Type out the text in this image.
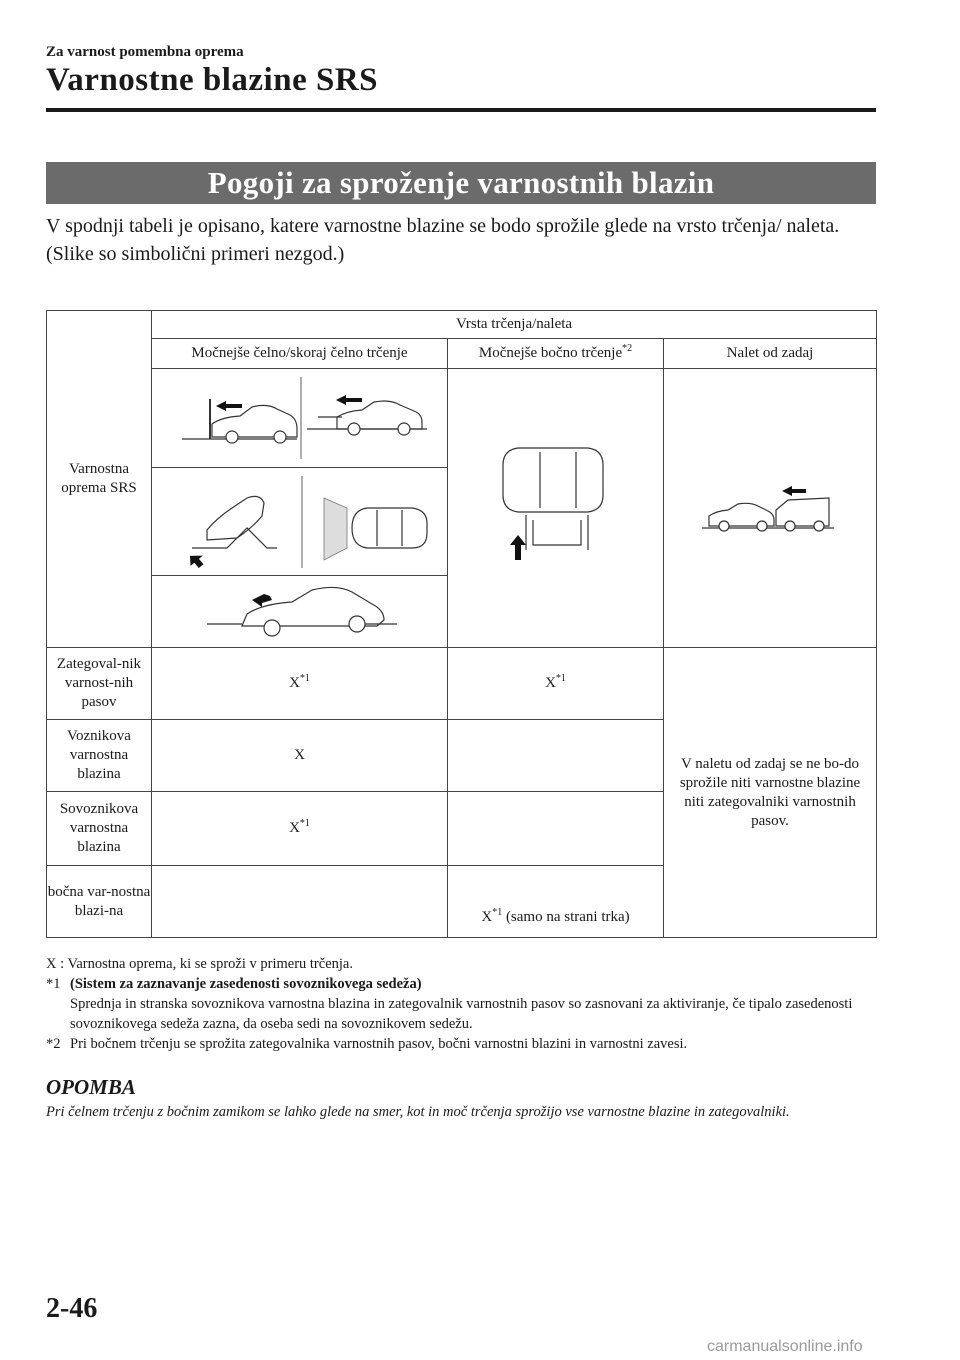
Za varnost pomembna oprema
Varnostne blazine SRS
Pogoji za sproženje varnostnih blazin

V spodnji tabeli je opisano, katere varnostne blazine se bodo sprožile glede na vrsto trčenja/ naleta.

(Slike so simbolični primeri nezgod.)

Varnostna oprema SRS	Vrsta trčenja/naleta		
	Močnejše čelno/skoraj čelno trčenje	Močnejše bočno trčenje$^{*2}$	Nalet od zadaj

Zategoval-nik varnost-nih pasov	$X^{*1}$	$X^{*1}$	V naletu od zadaj se ne bo-do sprožile niti varnostne blazine niti zategovalniki varnostnih pasov.
Voznikova varnostna blazina	X		
Sovoznikova varnostna blazina	$X^{*1}$	
bočna var-nostna blazi-na		$X^{*1}$ (samo na strani trka)	

X : Varnostna oprema, ki se sproži v primeru trčenja.

*1 (Sistem za zaznavanje zasedenosti sovoznikovega sedeža)

Sprednja in stranska sovoznikova varnostna blazina in zategovalnik varnostnih pasov so zasnovani za aktiviranje, če tipalo zasedenosti sovoznikovega sedeža zazna, da oseba sedi na sovoznikovem sedežu.

*2 Pri bočnem trčenju se sprožita zategovalnika varnostnih pasov, bočni varnostni blazini in varnostni zavesi.

OPOMBA
Pri čelnem trčenju z bočnim zamikom se lahko glede na smer, kot in moč trčenja sprožijo vse varnostne blazine in zategovalniki.
2-46
carmanualsonline.info
